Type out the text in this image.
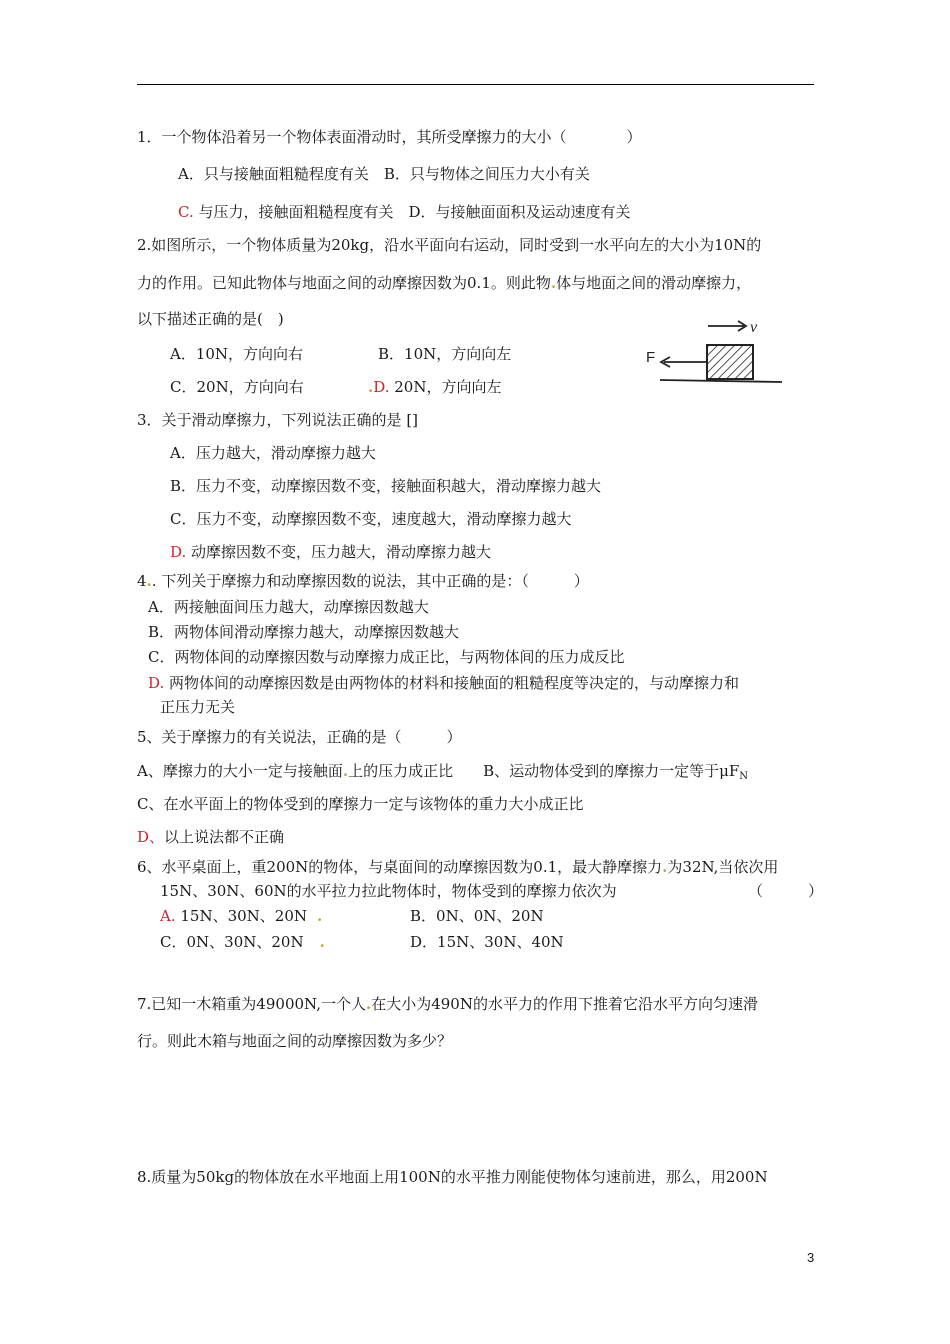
1．一个物体沿着另一个物体表面滑动时，其所受摩擦力的大小（　　　　）
A．只与接触面粗糙程度有关　B．只与物体之间压力大小有关
C. 与压力，接触面粗糙程度有关　D．与接触面面积及运动速度有关
2.如图所示，一个物体质量为20kg，沿水平面向右运动，同时受到一水平向左的大小为10N的
力的作用。已知此物体与地面之间的动摩擦因数为0.1。则此物.体与地面之间的滑动摩擦力，
以下描述正确的是(　)
A．10N，方向向右	B．10N，方向向左
C．20N，方向向右	.D. 20N，方向向左
v
F
3．关于滑动摩擦力，下列说法正确的是 []
A．压力越大，滑动摩擦力越大
B．压力不变，动摩擦因数不变，接触面积越大，滑动摩擦力越大
C．压力不变，动摩擦因数不变，速度越大，滑动摩擦力越大
D. 动摩擦因数不变，压力越大，滑动摩擦力越大
4.. 下列关于摩擦力和动摩擦因数的说法，其中正确的是：（　　　）
A．两接触面间压力越大，动摩擦因数越大
B．两物体间滑动摩擦力越大，动摩擦因数越大
C．两物体间的动摩擦因数与动摩擦力成正比，与两物体间的压力成反比
D. 两物体间的动摩擦因数是由两物体的材料和接触面的粗糙程度等决定的，与动摩擦力和
正压力无关
5、关于摩擦力的有关说法，正确的是（　　　）
A、摩擦力的大小一定与接触面.上的压力成正比　　B、运动物体受到的摩擦力一定等于$\mu F_N$
C、在水平面上的物体受到的摩擦力一定与该物体的重力大小成正比
D、以上说法都不正确
6、水平桌面上，重200N的物体，与桌面间的动摩擦因数为0.1，最大静摩擦力.为32N,当依次用
15N、30N、60N的水平拉力拉此物体时，物体受到的摩擦力依次为	（　　　）
A. 15N、30N、20N .	B．0N、0N、20N
C．0N、30N、20N .	D．15N、30N、40N
7.已知一木箱重为49000N,一个人.在大小为490N的水平力的作用下推着它沿水平方向匀速滑
行。则此木箱与地面之间的动摩擦因数为多少？
8.质量为50kg的物体放在水平地面上用100N的水平推力刚能使物体匀速前进，那么，用200N
3
